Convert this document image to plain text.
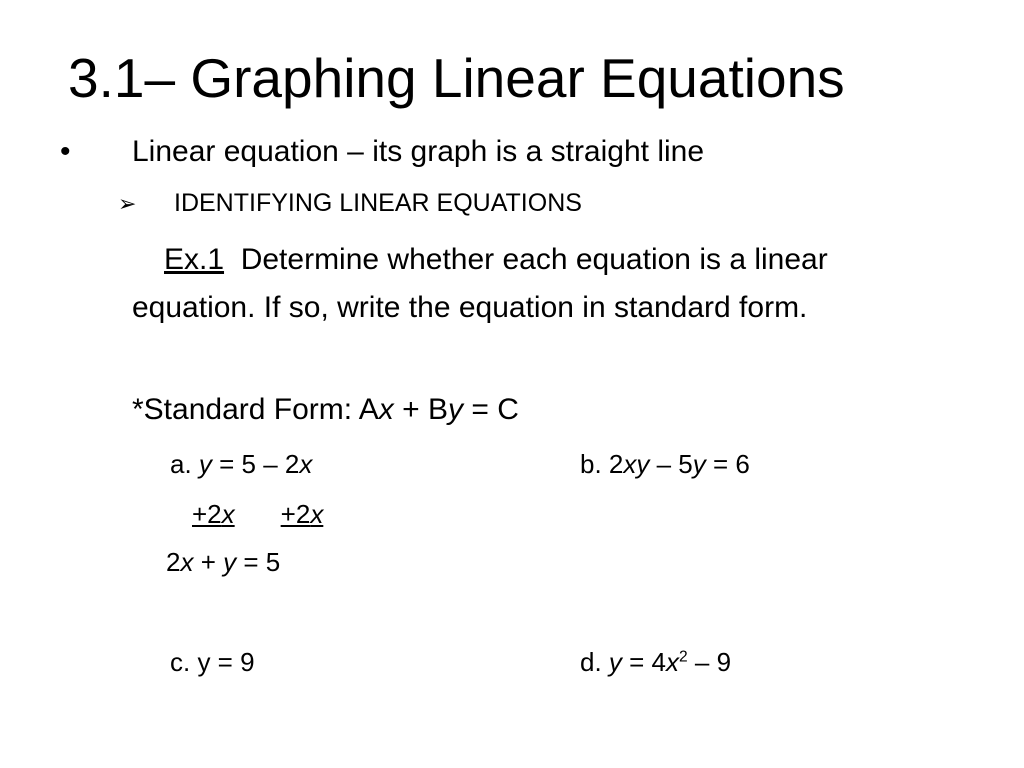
3.1– Graphing Linear Equations
• Linear equation – its graph is a straight line
➢ IDENTIFYING LINEAR EQUATIONS
Ex.1 Determine whether each equation is a linear equation. If so, write the equation in standard form.
*Standard Form: Ax + By = C
a. y = 5 – 2x	b. 2xy – 5y = 6
+2x +2x
2x + y = 5
c. y = 9	d. $y = 4x^2 - 9$
